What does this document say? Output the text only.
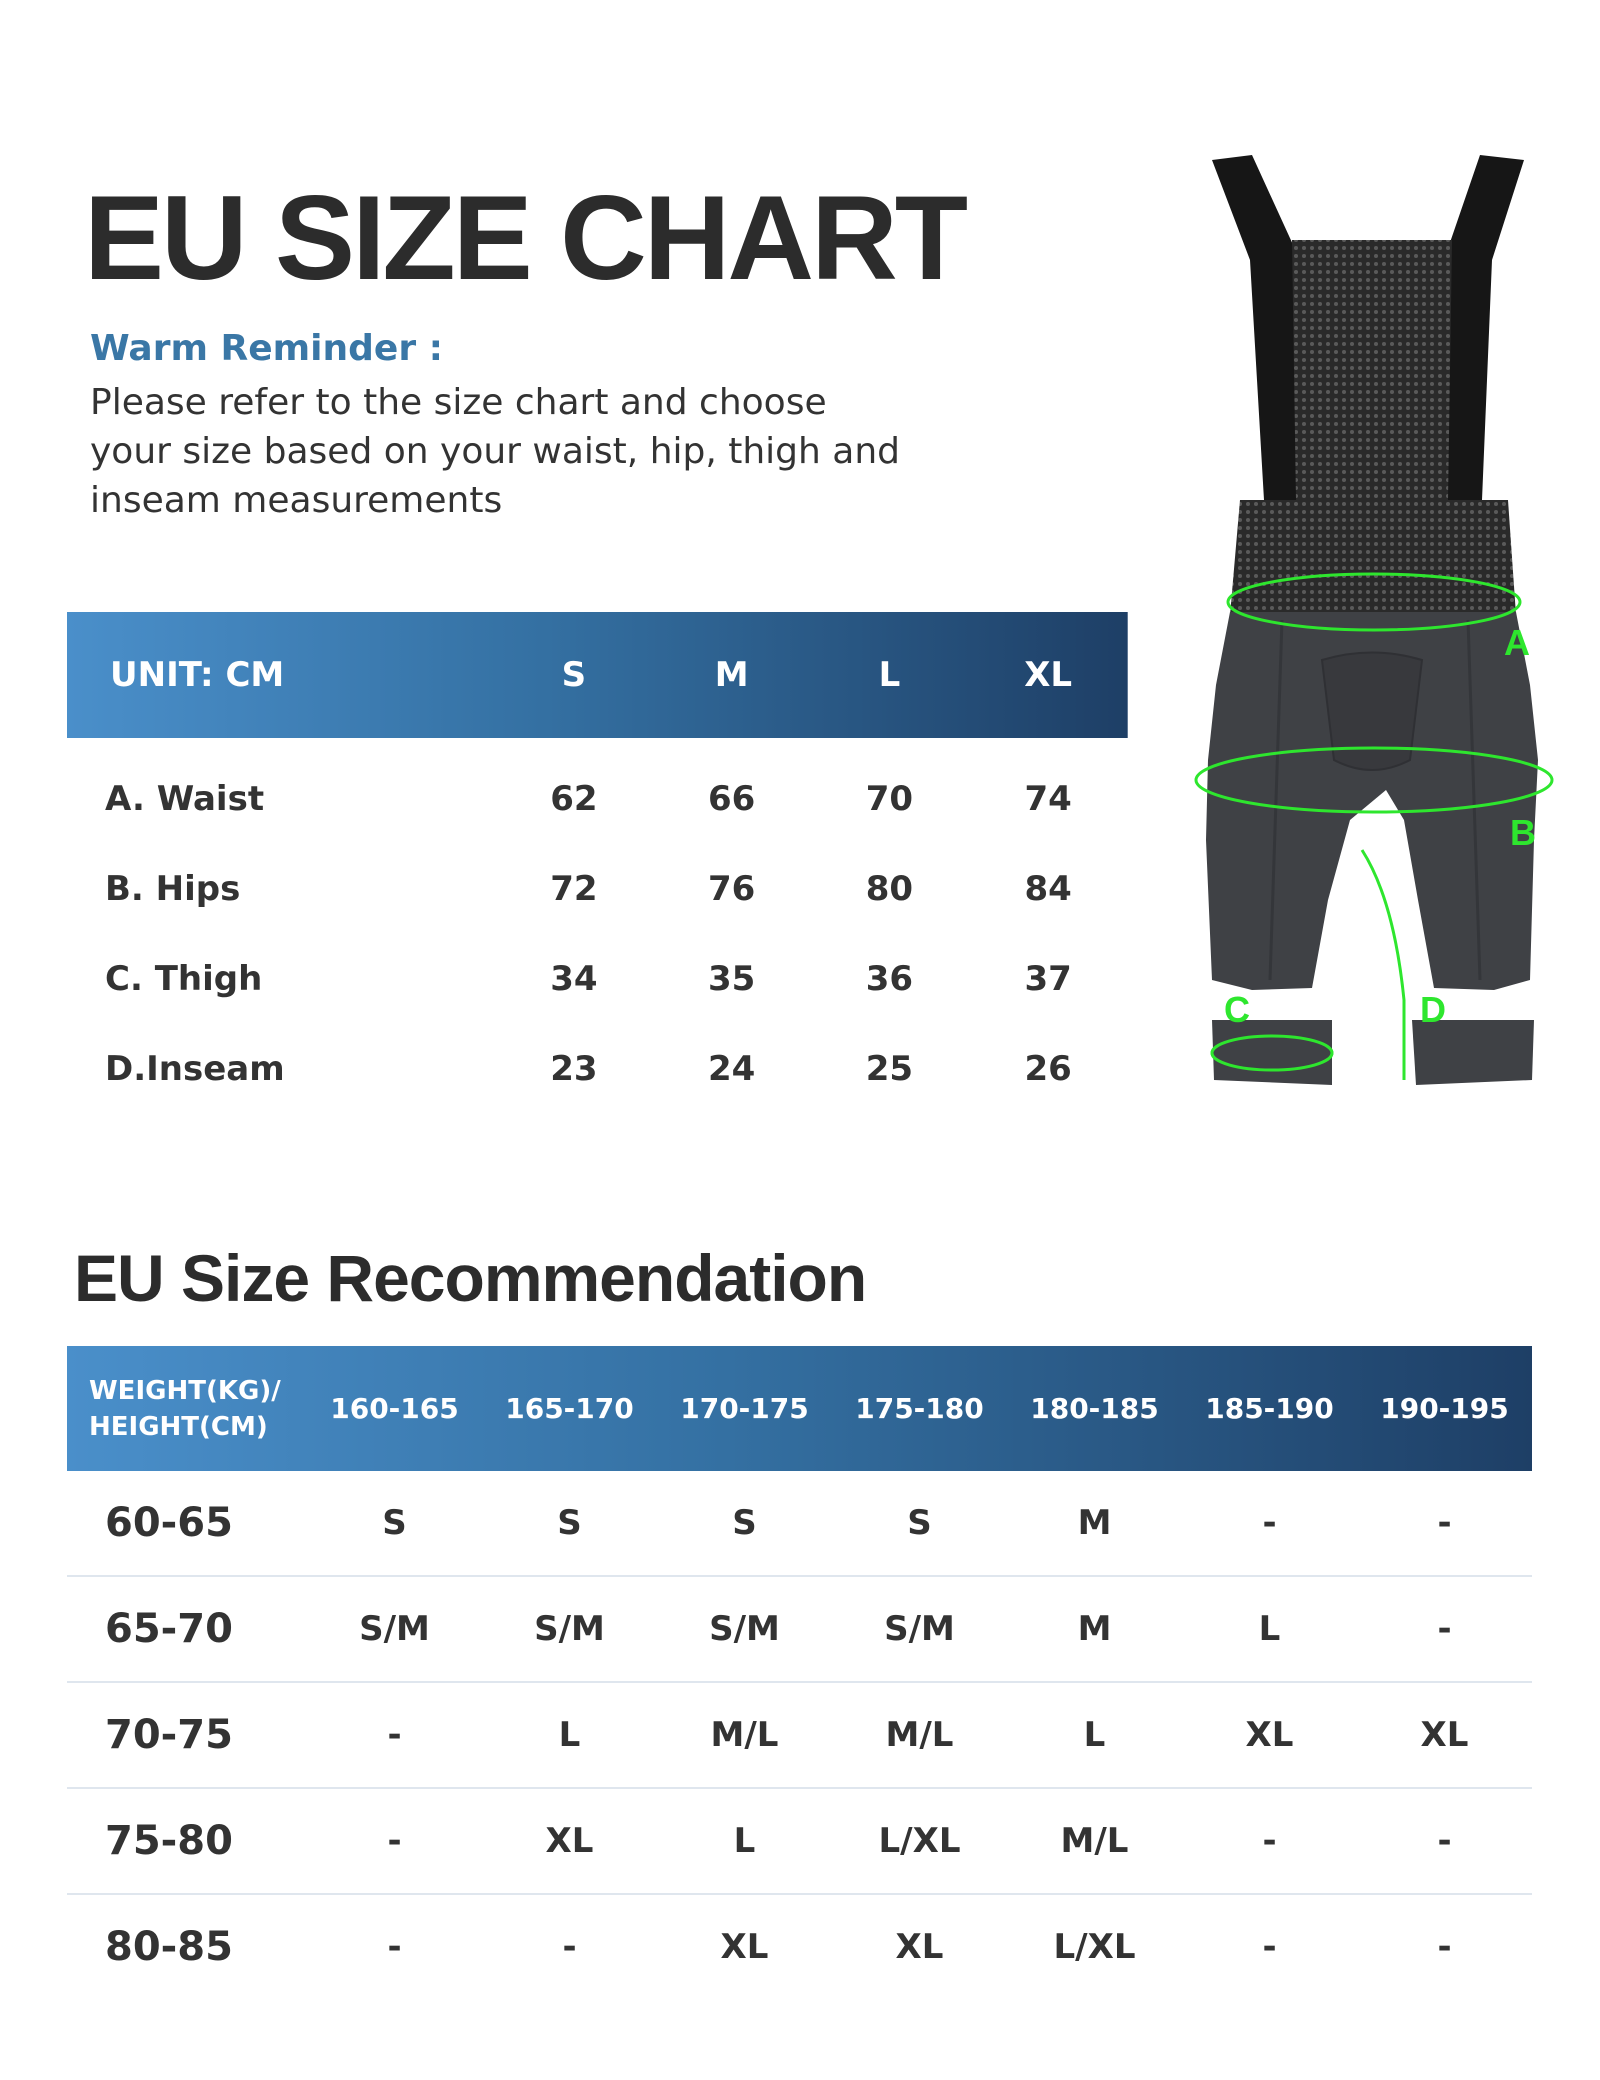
EU SIZE CHART
Warm Reminder :
Please refer to the size chart and choose your size based on your waist, hip, thigh and inseam measurements
UNIT: CM	S	M	L	XL
A. Waist	62	66	70	74
B. Hips	72	76	80	84
C. Thigh	34	35	36	37
D.Inseam	23	24	25	26
A
B
C	D
EU Size Recommendation
WEIGHT(KG)/
HEIGHT(CM)	160-165	165-170	170-175	175-180	180-185	185-190	190-195
60-65	S	S	S	S	M	-	-
65-70	S/M	S/M	S/M	S/M	M	L	-
70-75	-	L	M/L	M/L	L	XL	XL
75-80	-	XL	L	L/XL	M/L	-	-
80-85	-	-	XL	XL	L/XL	-	-
